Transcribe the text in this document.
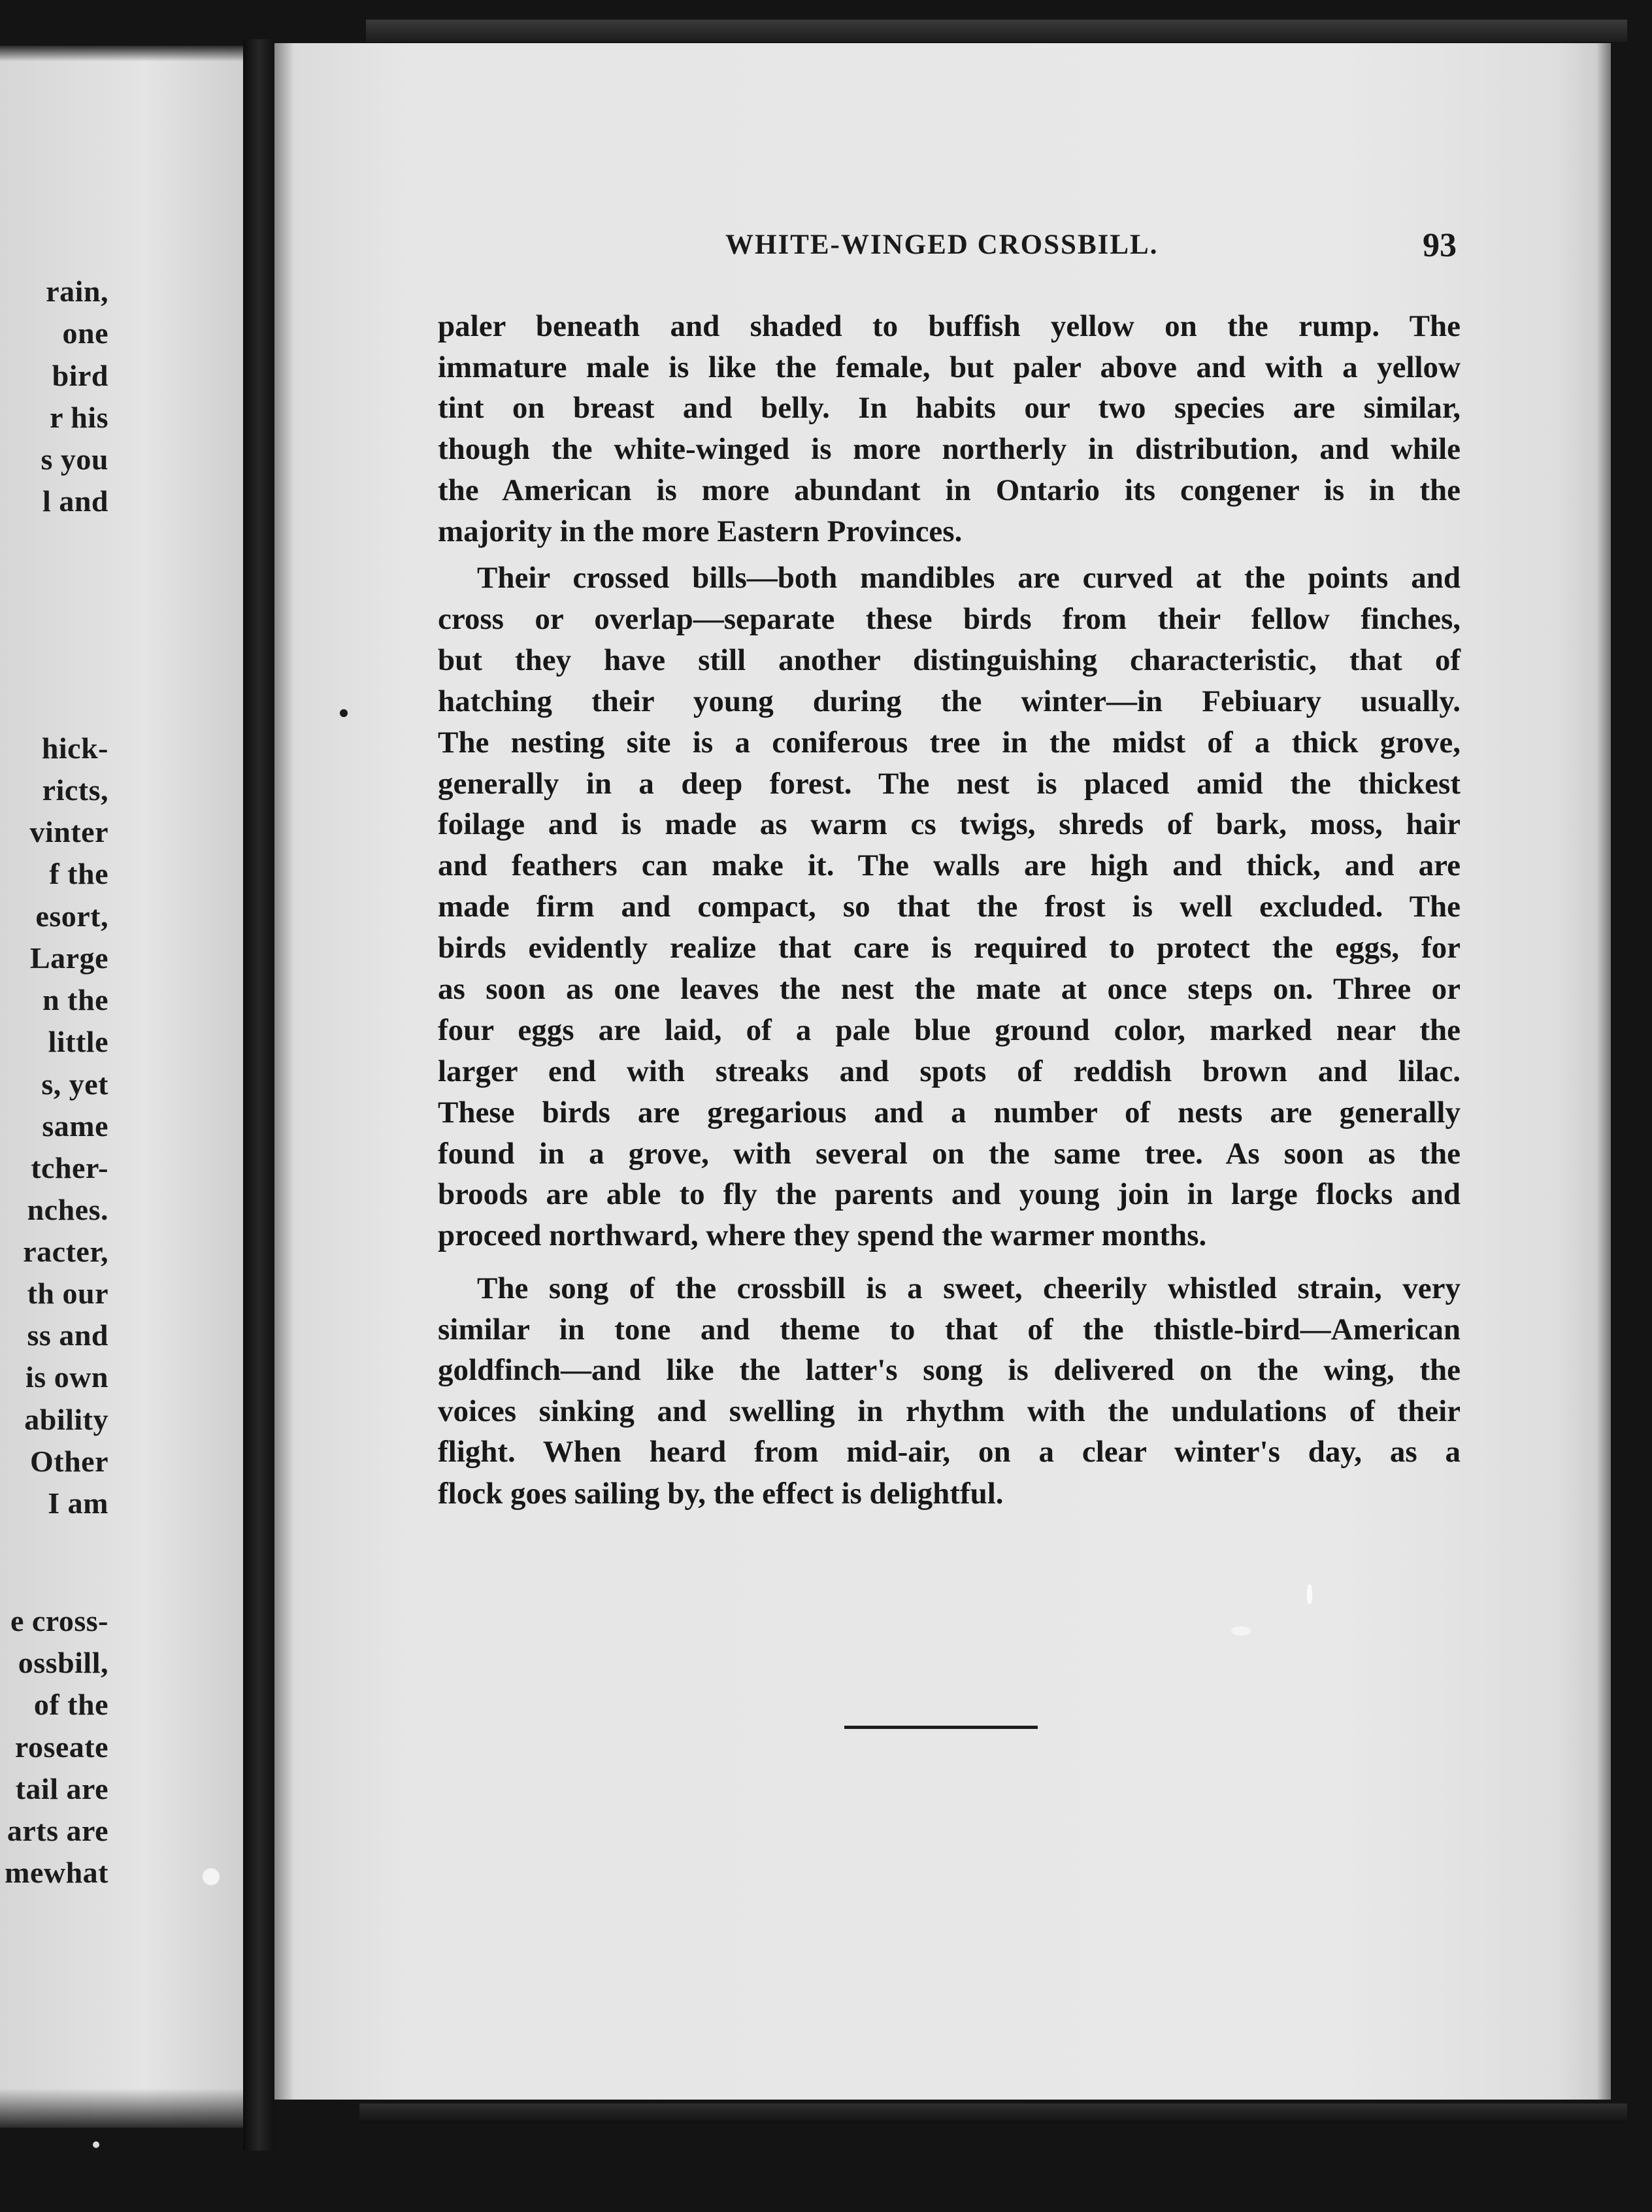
rain,

one

bird

r his

s you

l and

hick-

ricts,

vinter

f the

esort,

Large

n the

little

s, yet

same

tcher-

nches.

racter,

th our

ss and

is own

ability

Other

I am

e cross-

ossbill,

of the

roseate

tail are

arts are

mewhat

WHITE-WINGED CROSSBILL.	93

paler beneath and shaded to buffish yellow on the rump. The

immature male is like the female, but paler above and with a yellow

tint on breast and belly. In habits our two species are similar,

though the white-winged is more northerly in distribution, and while

the American is more abundant in Ontario its congener is in the

majority in the more Eastern Provinces.

Their crossed bills—both mandibles are curved at the points and

cross or overlap—separate these birds from their fellow finches,

but they have still another distinguishing characteristic, that of

hatching their young during the winter—in Febiuary usually.

The nesting site is a coniferous tree in the midst of a thick grove,

generally in a deep forest. The nest is placed amid the thickest

foilage and is made as warm cs twigs, shreds of bark, moss, hair

and feathers can make it. The walls are high and thick, and are

made firm and compact, so that the frost is well excluded. The

birds evidently realize that care is required to protect the eggs, for

as soon as one leaves the nest the mate at once steps on. Three or

four eggs are laid, of a pale blue ground color, marked near the

larger end with streaks and spots of reddish brown and lilac.

These birds are gregarious and a number of nests are generally

found in a grove, with several on the same tree. As soon as the

broods are able to fly the parents and young join in large flocks and

proceed northward, where they spend the warmer months.

The song of the crossbill is a sweet, cheerily whistled strain, very

similar in tone and theme to that of the thistle-bird—American

goldfinch—and like the latter's song is delivered on the wing, the

voices sinking and swelling in rhythm with the undulations of their

flight. When heard from mid-air, on a clear winter's day, as a

flock goes sailing by, the effect is delightful.
